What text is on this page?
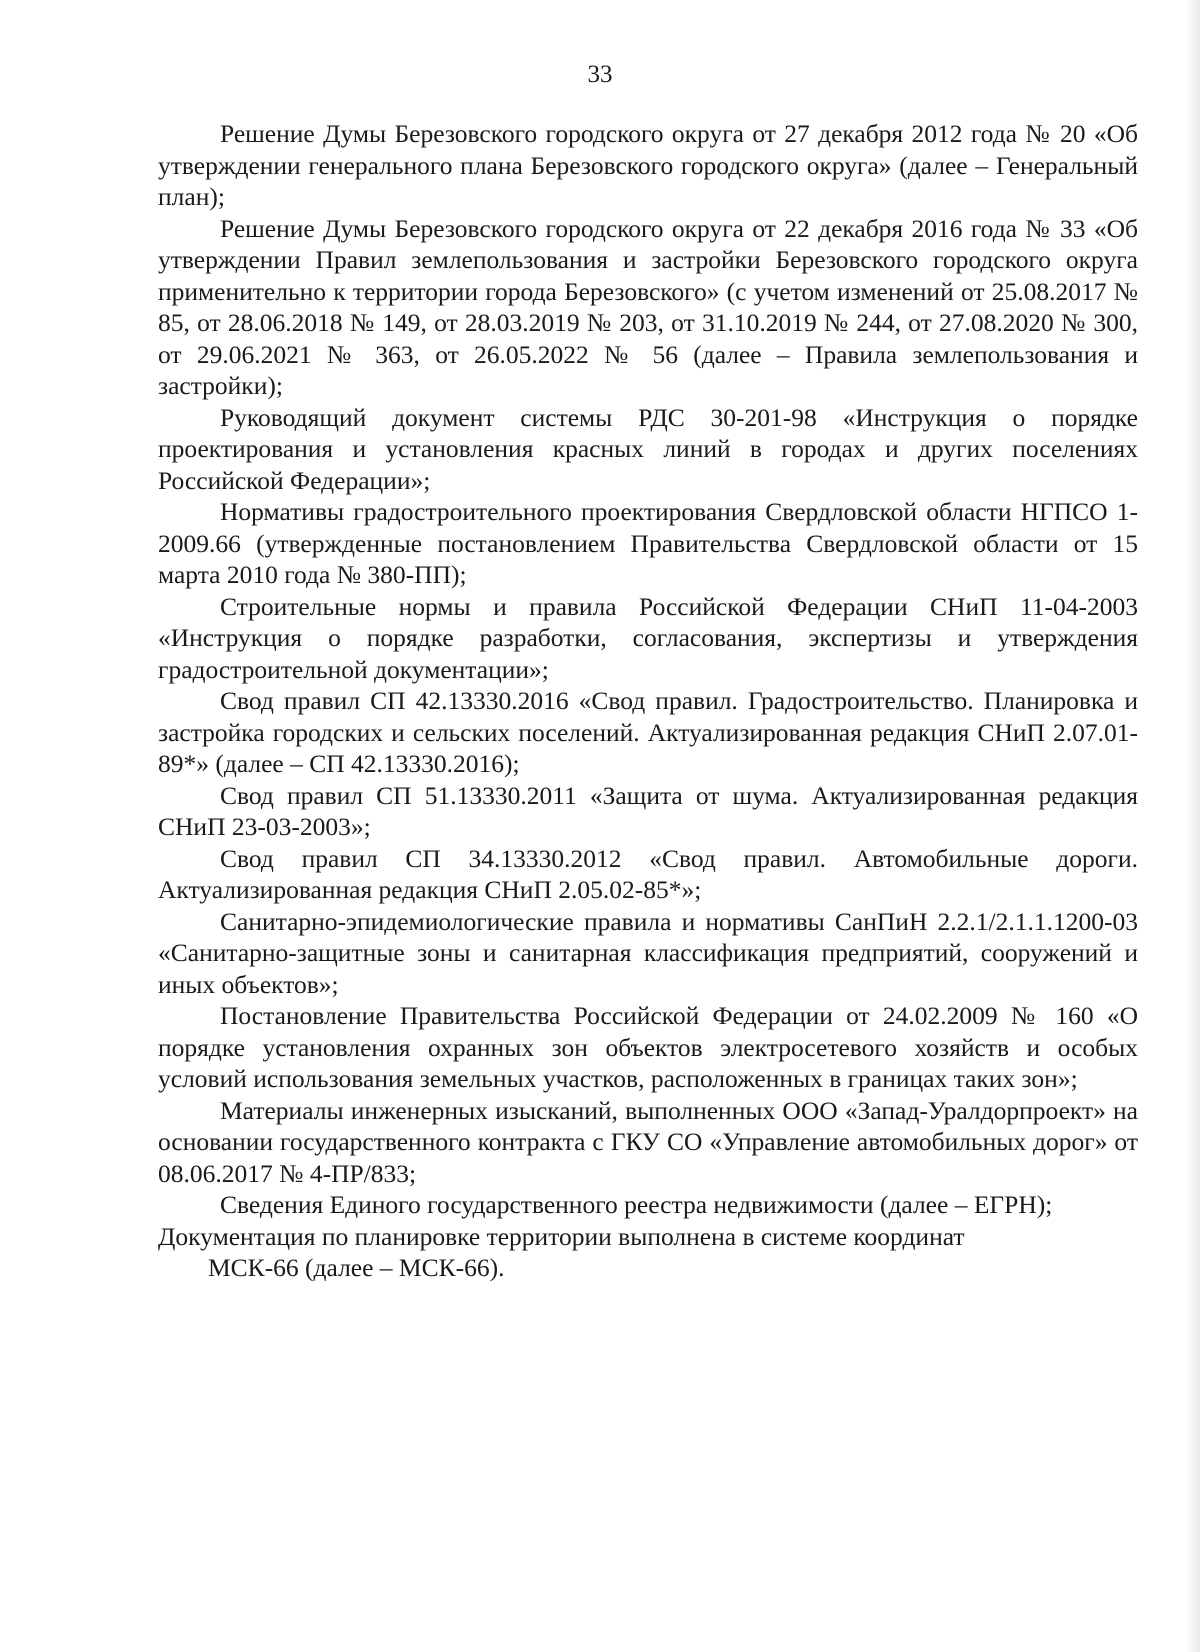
33

Решение Думы Березовского городского округа от 27 декабря 2012 года № 20 «Об утверждении генерального плана Березовского городского округа» (далее – Генеральный план);

Решение Думы Березовского городского округа от 22 декабря 2016 года № 33 «Об утверждении Правил землепользования и застройки Березовского городского округа применительно к территории города Березовского» (с учетом изменений от 25.08.2017 № 85, от 28.06.2018 № 149, от 28.03.2019 № 203, от 31.10.2019 № 244, от 27.08.2020 № 300, от 29.06.2021 № 363, от 26.05.2022 № 56 (далее – Правила землепользования и застройки);

Руководящий документ системы РДС 30-201-98 «Инструкция о порядке проектирования и установления красных линий в городах и других поселениях Российской Федерации»;

Нормативы градостроительного проектирования Свердловской области НГПСО 1-2009.66 (утвержденные постановлением Правительства Свердловской области от 15 марта 2010 года № 380-ПП);

Строительные нормы и правила Российской Федерации СНиП 11-04-2003 «Инструкция о порядке разработки, согласования, экспертизы и утверждения градостроительной документации»;

Свод правил СП 42.13330.2016 «Свод правил. Градостроительство. Планировка и застройка городских и сельских поселений. Актуализированная редакция СНиП 2.07.01-89*» (далее – СП 42.13330.2016);

Свод правил СП 51.13330.2011 «Защита от шума. Актуализированная редакция СНиП 23-03-2003»;

Свод правил СП 34.13330.2012 «Свод правил. Автомобильные дороги. Актуализированная редакция СНиП 2.05.02-85*»;

Санитарно-эпидемиологические правила и нормативы СанПиН 2.2.1/2.1.1.1200-03 «Санитарно-защитные зоны и санитарная классификация предприятий, сооружений и иных объектов»;

Постановление Правительства Российской Федерации от 24.02.2009 № 160 «О порядке установления охранных зон объектов электросетевого хозяйств и особых условий использования земельных участков, расположенных в границах таких зон»;

Материалы инженерных изысканий, выполненных ООО «Запад-Уралдорпроект» на основании государственного контракта с ГКУ СО «Управление автомобильных дорог» от 08.06.2017 № 4-ПР/833;

Сведения Единого государственного реестра недвижимости (далее – ЕГРН);

Документация по планировке территории выполнена в системе координат

МСК-66 (далее – МСК-66).
